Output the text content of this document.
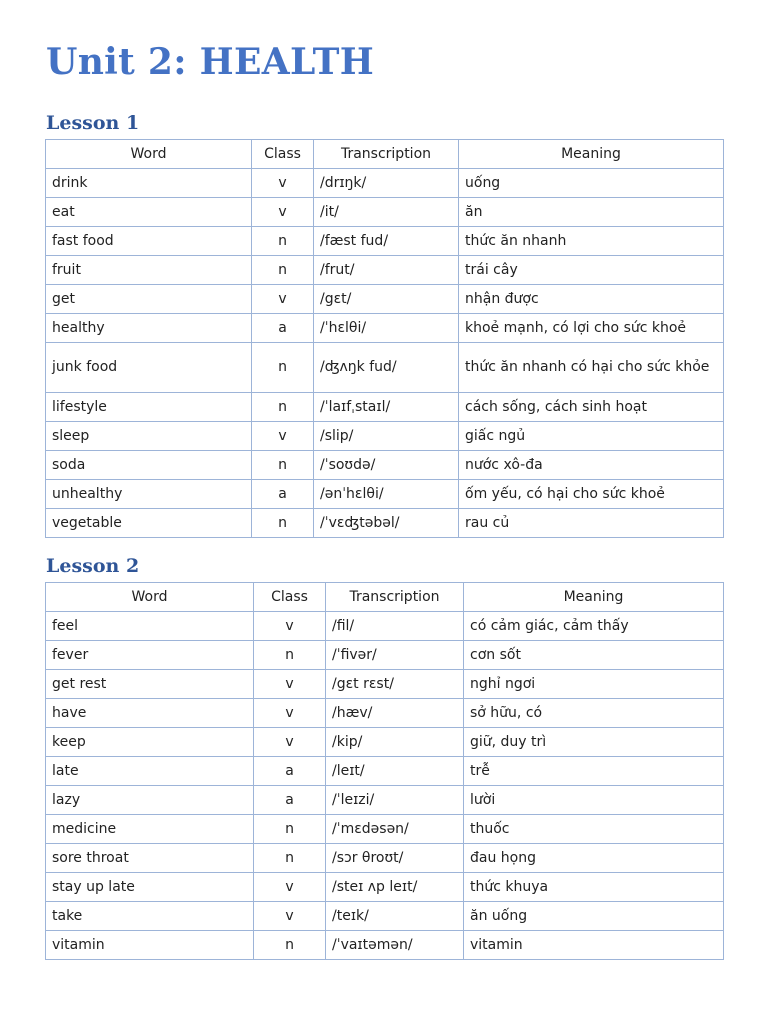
Unit 2: HEALTH
Lesson 1
Word	Class	Transcription	Meaning
drink	v	/drɪŋk/	uống
eat	v	/it/	ăn
fast food	n	/fæst fud/	thức ăn nhanh
fruit	n	/frut/	trái cây
get	v	/gɛt/	nhận được
healthy	a	/ˈhɛlθi/	khoẻ mạnh, có lợi cho sức khoẻ
junk food	n	/ʤʌŋk fud/	thức ăn nhanh có hại cho sức khỏe
lifestyle	n	/ˈlaɪfˌstaɪl/	cách sống, cách sinh hoạt
sleep	v	/slip/	giấc ngủ
soda	n	/ˈsoʊdə/	nước xô-đa
unhealthy	a	/ənˈhɛlθi/	ốm yếu, có hại cho sức khoẻ
vegetable	n	/ˈvɛʤtəbəl/	rau củ
Lesson 2
Word	Class	Transcription	Meaning
feel	v	/fil/	có cảm giác, cảm thấy
fever	n	/ˈfivər/	cơn sốt
get rest	v	/gɛt rɛst/	nghỉ ngơi
have	v	/hæv/	sở hữu, có
keep	v	/kip/	giữ, duy trì
late	a	/leɪt/	trễ
lazy	a	/ˈleɪzi/	lười
medicine	n	/ˈmɛdəsən/	thuốc
sore throat	n	/sɔr θroʊt/	đau họng
stay up late	v	/steɪ ʌp leɪt/	thức khuya
take	v	/teɪk/	ăn uống
vitamin	n	/ˈvaɪtəmən/	vitamin
